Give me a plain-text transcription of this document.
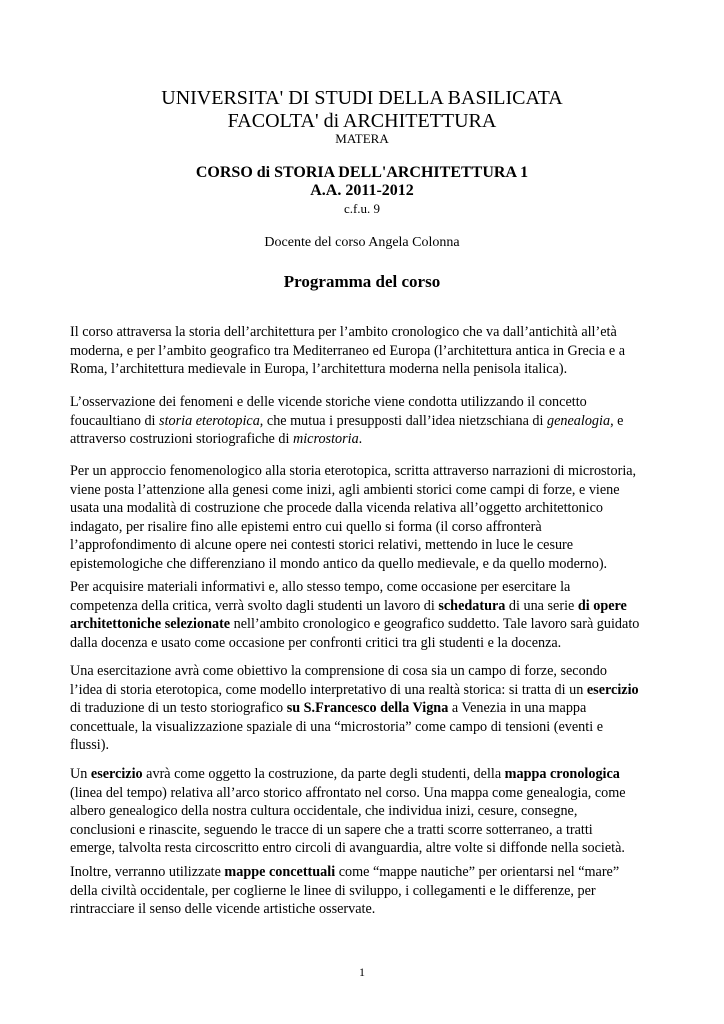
UNIVERSITA' DI STUDI DELLA BASILICATA
FACOLTA' di ARCHITETTURA
MATERA
CORSO di STORIA DELL'ARCHITETTURA 1
A.A. 2011-2012
c.f.u. 9
Docente del corso Angela Colonna
Programma del corso
Il corso attraversa la storia dell’architettura per l’ambito cronologico che va dall’antichità all’età
moderna, e per l’ambito geografico tra Mediterraneo ed Europa (l’architettura antica in Grecia e a
Roma, l’architettura medievale in Europa, l’architettura moderna nella penisola italica).
L’osservazione dei fenomeni e delle vicende storiche viene condotta utilizzando il concetto
foucaultiano di storia eterotopica, che mutua i presupposti dall’idea nietzschiana di genealogia, e
attraverso costruzioni storiografiche di microstoria.
Per un approccio fenomenologico alla storia eterotopica, scritta attraverso narrazioni di microstoria,
viene posta l’attenzione alla genesi come inizi, agli ambienti storici come campi di forze, e viene
usata una modalità di costruzione che procede dalla vicenda relativa all’oggetto architettonico
indagato, per risalire fino alle epistemi entro cui quello si forma (il corso affronterà
l’approfondimento di alcune opere nei contesti storici relativi, mettendo in luce le cesure
epistemologiche che differenziano il mondo antico da quello medievale, e da quello moderno).
Per acquisire materiali informativi e, allo stesso tempo, come occasione per esercitare la
competenza della critica, verrà svolto dagli studenti un lavoro di schedatura di una serie di opere
architettoniche selezionate nell’ambito cronologico e geografico suddetto. Tale lavoro sarà guidato
dalla docenza e usato come occasione per confronti critici tra gli studenti e la docenza.
Una esercitazione avrà come obiettivo la comprensione di cosa sia un campo di forze, secondo
l’idea di storia eterotopica, come modello interpretativo di una realtà storica: si tratta di un esercizio
di traduzione di un testo storiografico su S.Francesco della Vigna a Venezia in una mappa
concettuale, la visualizzazione spaziale di una “microstoria” come campo di tensioni (eventi e
flussi).
Un esercizio avrà come oggetto la costruzione, da parte degli studenti, della mappa cronologica
(linea del tempo) relativa all’arco storico affrontato nel corso. Una mappa come genealogia, come
albero genealogico della nostra cultura occidentale, che individua inizi, cesure, consegne,
conclusioni e rinascite, seguendo le tracce di un sapere che a tratti scorre sotterraneo, a tratti
emerge, talvolta resta circoscritto entro circoli di avanguardia, altre volte si diffonde nella società.
Inoltre, verranno utilizzate mappe concettuali come “mappe nautiche” per orientarsi nel “mare”
della civiltà occidentale, per coglierne le linee di sviluppo, i collegamenti e le differenze, per
rintracciare il senso delle vicende artistiche osservate.
1
